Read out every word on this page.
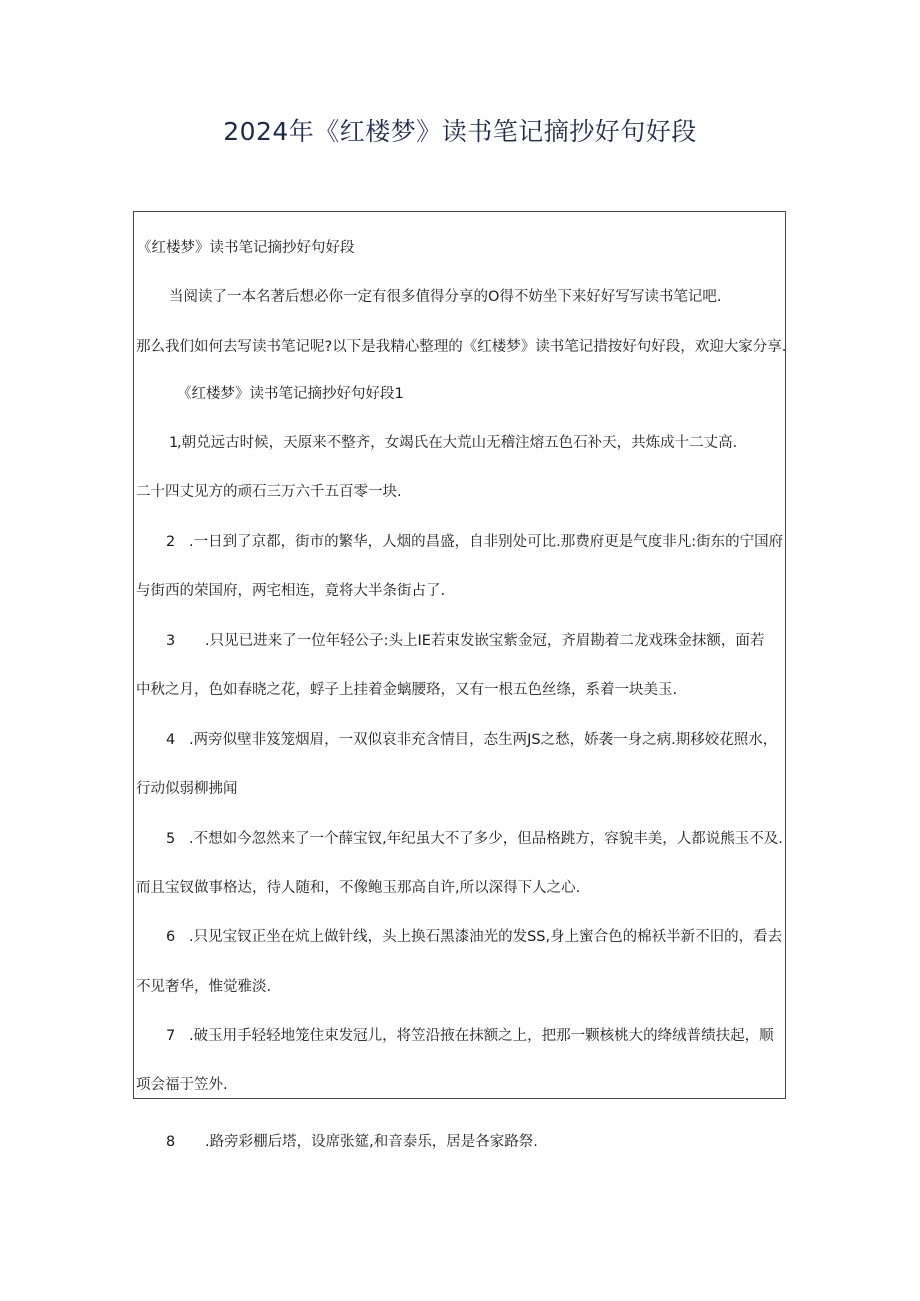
2024年《红楼梦》读书笔记摘抄好句好段
《红楼梦》读书笔记摘抄好句好段
当阅读了一本名著后想必你一定有很多值得分享的O得不妨坐下来好好写写读书笔记吧.
那么我们如何去写读书笔记呢?以下是我精心整理的《红楼梦》读书笔记措按好句好段，欢迎大家分享.
《红楼梦》读书笔记摘抄好句好段1
1
,朝兑远古时候，天原来不整齐，女竭氏在大荒山无稽注熔五色石补天，共炼成十二丈高.
二十四丈见方的顽石三万六千五百零一块.
2 .一日到了京都，街市的繁华，人烟的昌盛，自非别处可比.那费府更是气度非凡:街东的宁国府
与街西的荣国府，两宅相连，竟将大半条街占了.
3 .只见已进来了一位年轻公子:头上IE若束发嵌宝紫金冠，齐眉勘着二龙戏珠金抹额，面若
中秋之月，色如春晓之花，蜉子上挂着金螭腰珞，又有一根五色丝绦，系着一块美玉.
4 .两旁似壁非笈笼烟眉，一双似哀非充含情目，态生两JS之愁，娇袭一身之病.期移姣花照水，
行动似弱柳拂闻
5 .不想如今忽然来了一个薛宝钗,年纪虽大不了多少，但品格跳方，容貌丰美，人都说熊玉不及.
而且宝钗做事格达，待人随和，不像鲍玉那高自许,所以深得下人之心.
6 .只见宝钗正坐在炕上做针线，头上换石黑漆油光的发SS,身上蜜合色的棉袄半新不旧的，看去
不见奢华，惟觉雅淡.
7 .破玉用手轻轻地笼住束发冠儿，将笠沿掖在抹额之上，把那一颗核桃大的绛绒普绩扶起，顺
项会福于笠外.
8 .路旁彩棚后塔，设席张筵,和音泰乐，居是各家路祭.
